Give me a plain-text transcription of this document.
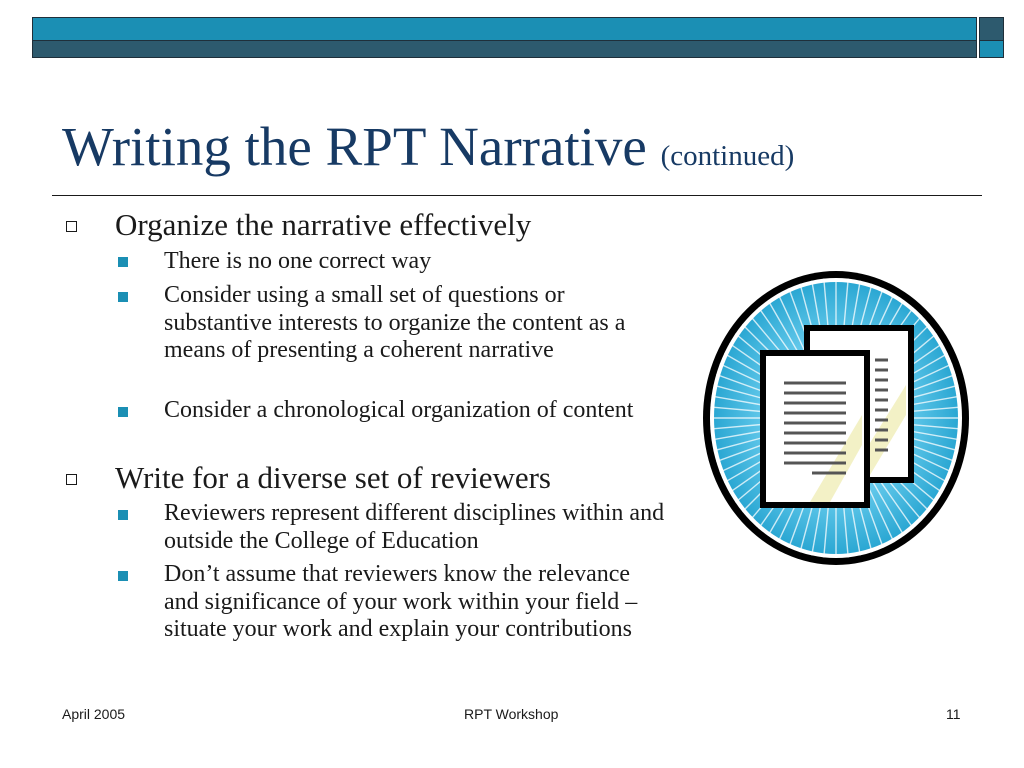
Writing the RPT Narrative (continued)
Organize the narrative effectively
There is no one correct way
Consider using a small set of questions or substantive interests to organize the content as a means of presenting a coherent narrative
Consider a chronological organization of content
Write for a diverse set of reviewers
Reviewers represent different disciplines within and outside the College of Education
Don’t assume that reviewers know the relevance and significance of your work within your field – situate your work and explain your contributions
April 2005	RPT Workshop	11
